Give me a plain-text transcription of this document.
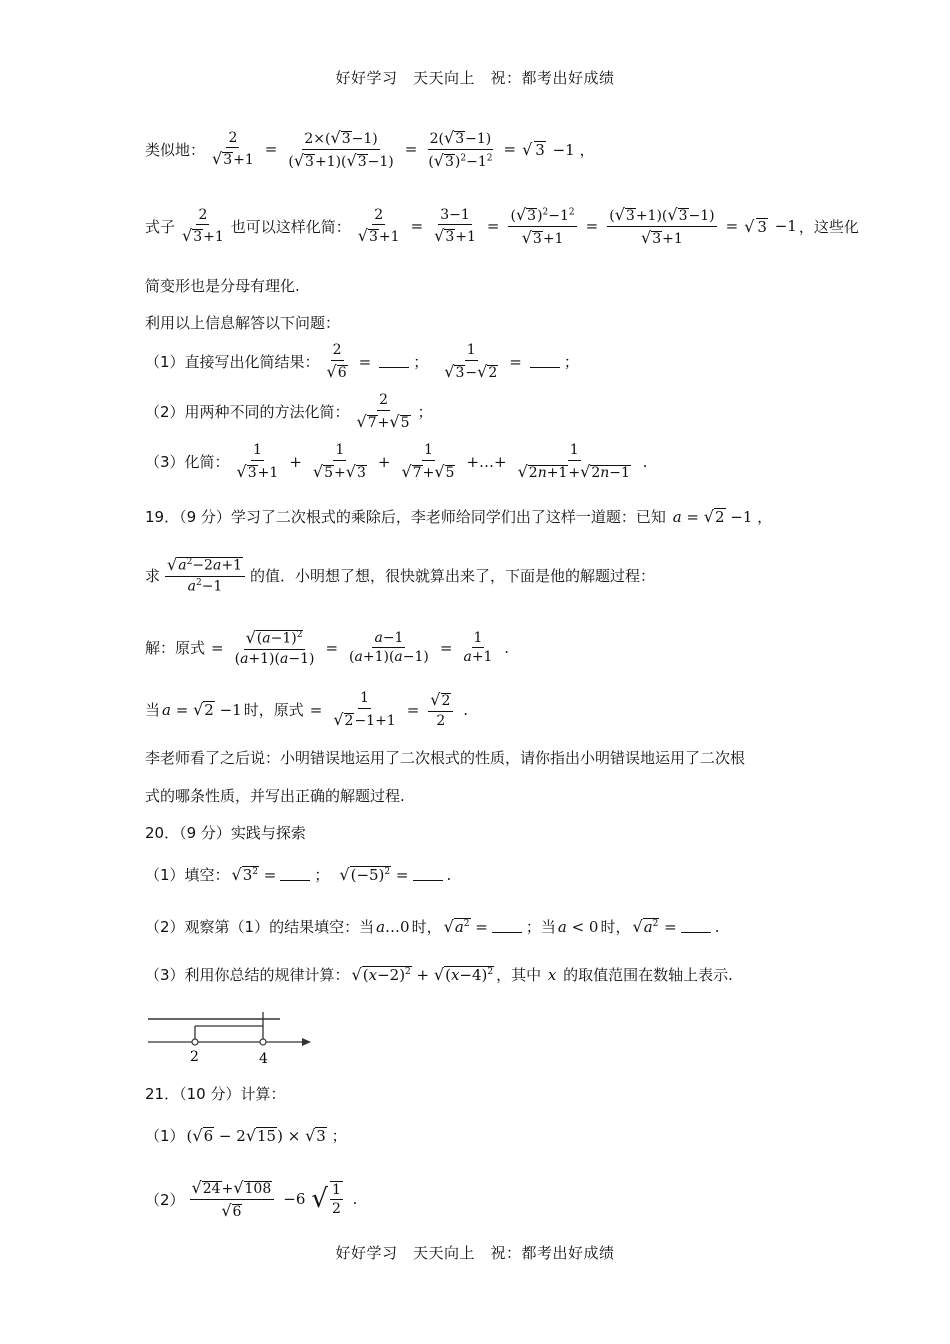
好好学习　天天向上　祝：都考出好成绩
类似地： $\frac{2}{√3+1} = \frac{2\times(√3-1)}{(√3+1)(√3-1)} = \frac{2(√3-1)}{(√3)^2-1^2}$ = √ 3 −1 ，
式子 $\frac{2}{√3+1}$ 也可以这样化简： $\frac{2}{√3+1} = \frac{3-1}{√3+1} = \frac{(√3)^2-1^2}{√3+1} = \frac{(√3+1)(√3-1)}{√3+1}$ = √ 3 −1 ，这些化
简变形也是分母有理化.
利用以上信息解答以下问题：
（1）直接写出化简结果： $\frac{2}{√6}$ =	； $\frac{1}{√3-√2}$ =	；
（2）用两种不同的方法化简： $\frac{2}{√7+√5}$ ；
（3）化简： $\frac{1}{√3+1} + \frac{1}{√5+√3} + \frac{1}{√7+√5}$ +…+ $\frac{1}{√2n+1+√2n-1}$ .
19．（9 分）学习了二次根式的乘除后，李老师给同学们出了这样一道题：已知 a = √2 −1 ，
求 $\frac{√a^2-2a+1}{a^2-1}$ 的值．小明想了想，很快就算出来了，下面是他的解题过程：
解：原式 = $\frac{√(a-1)^2}{(a+1)(a-1)} = \frac{a-1}{(a+1)(a-1)} = \frac{1}{a+1}$ .
当 a = √2 −1 时，原式 = $\frac{1}{√2-1+1} = \frac{√2}{2}$ .
李老师看了之后说：小明错误地运用了二次根式的性质，请你指出小明错误地运用了二次根
式的哪条性质，并写出正确的解题过程.
20．（9 分）实践与探索
（1）填空： $√3^2$ =	； $√(-5)^2$ =	.
（2）观察第（1）的结果填空：当 a…0 时， $√a^2$ =	；当 a < 0 时， $√a^2$ =	.
（3）利用你总结的规律计算： $√(x-2)^2 + √(x-4)^2$ ，其中 x 的取值范围在数轴上表示.
2	4
21．（10 分）计算：
（1） (√6 − 2√15) × √3 ；
$(2) \frac{√24+√108}{√6} -6$ √ $\frac{1}{2}$ .
好好学习　天天向上　祝：都考出好成绩
